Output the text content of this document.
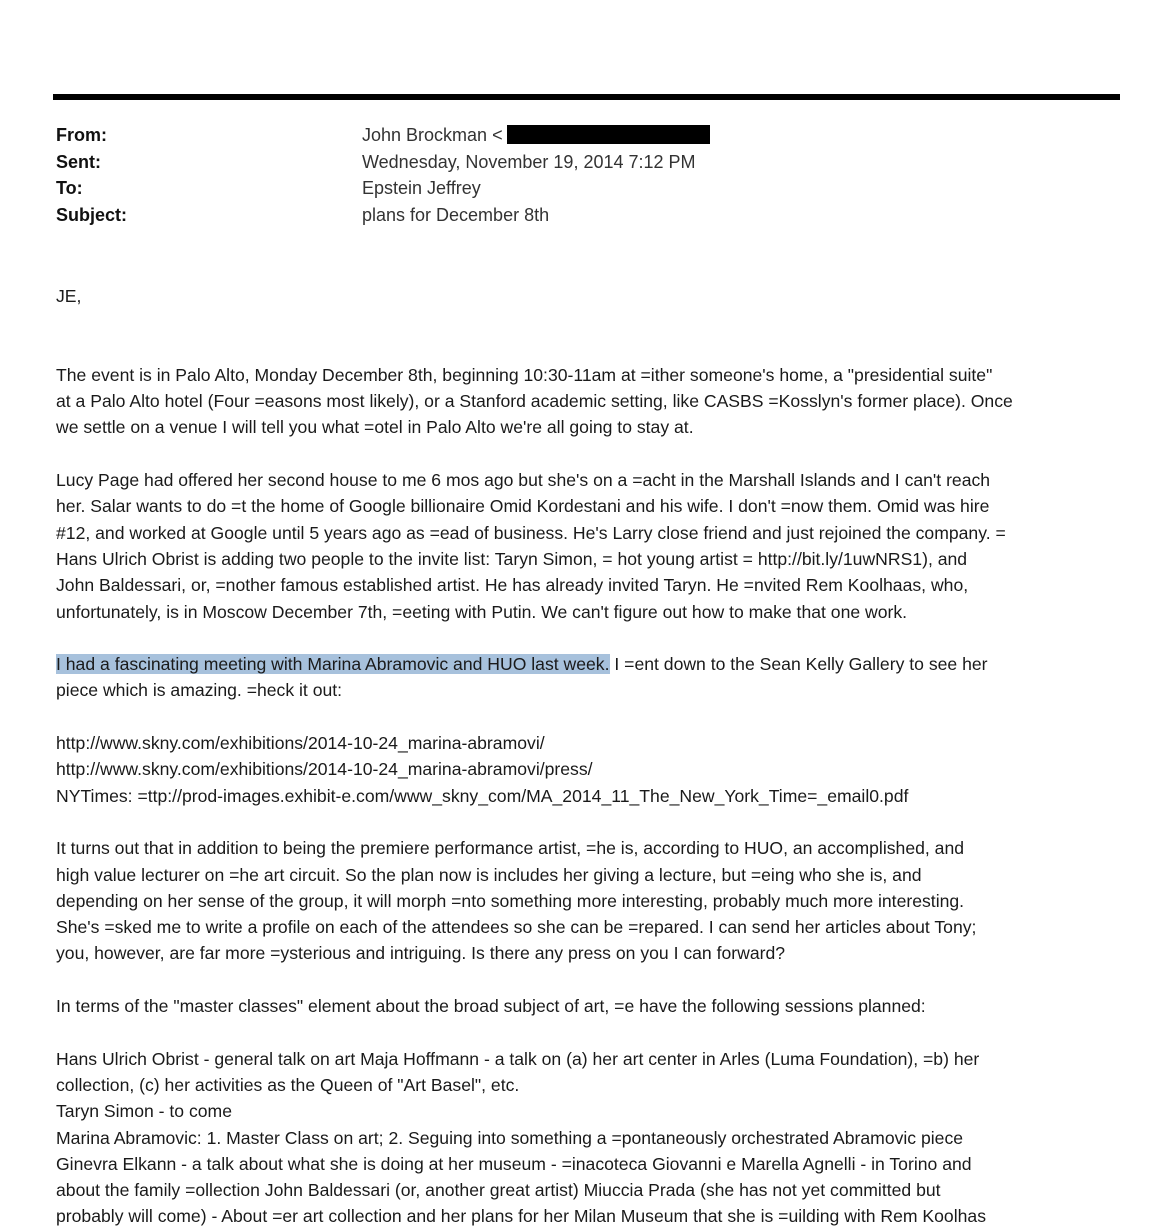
From:	John Brockman <
Sent:	Wednesday, November 19, 2014 7:12 PM
To:	Epstein Jeffrey
Subject:	plans for December 8th
JE,
The event is in Palo Alto, Monday December 8th, beginning 10:30-11am at =ither someone's home, a "presidential suite"
at a Palo Alto hotel (Four =easons most likely), or a Stanford academic setting, like CASBS =Kosslyn's former place). Once
we settle on a venue I will tell you what =otel in Palo Alto we're all going to stay at.
Lucy Page had offered her second house to me 6 mos ago but she's on a =acht in the Marshall Islands and I can't reach
her. Salar wants to do =t the home of Google billionaire Omid Kordestani and his wife. I don't =now them. Omid was hire
#12, and worked at Google until 5 years ago as =ead of business. He's Larry close friend and just rejoined the company. =
Hans Ulrich Obrist is adding two people to the invite list: Taryn Simon, = hot young artist = http://bit.ly/1uwNRS1), and
John Baldessari, or, =nother famous established artist. He has already invited Taryn. He =nvited Rem Koolhaas, who,
unfortunately, is in Moscow December 7th, =eeting with Putin. We can't figure out how to make that one work.
I had a fascinating meeting with Marina Abramovic and HUO last week. I =ent down to the Sean Kelly Gallery to see her
piece which is amazing. =heck it out:
http://www.skny.com/exhibitions/2014-10-24_marina-abramovi/
http://www.skny.com/exhibitions/2014-10-24_marina-abramovi/press/
NYTimes: =ttp://prod-images.exhibit-e.com/www_skny_com/MA_2014_11_The_New_York_Time=_email0.pdf
It turns out that in addition to being the premiere performance artist, =he is, according to HUO, an accomplished, and
high value lecturer on =he art circuit. So the plan now is includes her giving a lecture, but =eing who she is, and
depending on her sense of the group, it will morph =nto something more interesting, probably much more interesting.
She's =sked me to write a profile on each of the attendees so she can be =repared. I can send her articles about Tony;
you, however, are far more =ysterious and intriguing. Is there any press on you I can forward?
In terms of the "master classes" element about the broad subject of art, =e have the following sessions planned:
Hans Ulrich Obrist - general talk on art Maja Hoffmann - a talk on (a) her art center in Arles (Luma Foundation), =b) her
collection, (c) her activities as the Queen of "Art Basel", etc.
Taryn Simon - to come
Marina Abramovic: 1. Master Class on art; 2. Seguing into something a =pontaneously orchestrated Abramovic piece
Ginevra Elkann - a talk about what she is doing at her museum - =inacoteca Giovanni e Marella Agnelli - in Torino and
about the family =ollection John Baldessari (or, another great artist) Miuccia Prada (she has not yet committed but
probably will come) - About =er art collection and her plans for her Milan Museum that she is =uilding with Rem Koolhas
